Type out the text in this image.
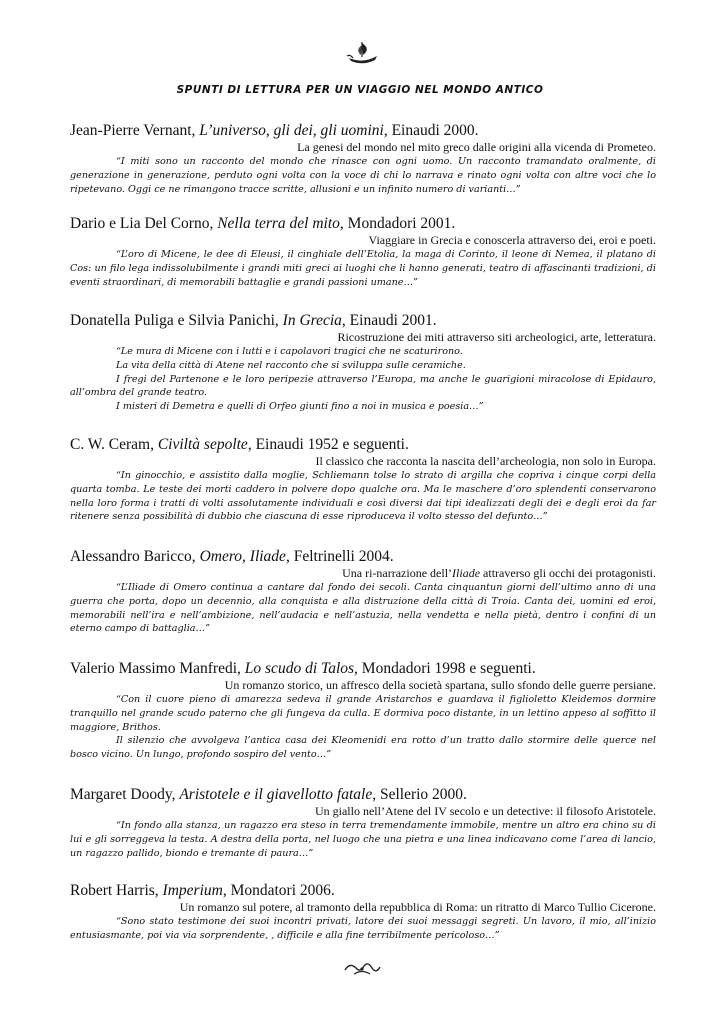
SPUNTI DI LETTURA PER UN VIAGGIO NEL MONDO ANTICO
Jean-Pierre Vernant, L’universo, gli dei, gli uomini, Einaudi 2000.
La genesi del mondo nel mito greco dalle origini alla vicenda di Prometeo.

“I miti sono un racconto del mondo che rinasce con ogni uomo. Un racconto tramandato oralmente, di generazione in generazione, perduto ogni volta con la voce di chi lo narrava e rinato ogni volta con altre voci che lo ripetevano. Oggi ce ne rimangono tracce scritte, allusioni e un infinito numero di varianti…”

Dario e Lia Del Corno, Nella terra del mito, Mondadori 2001.
Viaggiare in Grecia e conoscerla attraverso dei, eroi e poeti.

“L’oro di Micene, le dee di Eleusi, il cinghiale dell’Etolia, la maga di Corinto, il leone di Nemea, il platano di Cos: un filo lega indissolubilmente i grandi miti greci ai luoghi che li hanno generati, teatro di affascinanti tradizioni, di eventi straordinari, di memorabili battaglie e grandi passioni umane…”

Donatella Puliga e Silvia Panichi, In Grecia, Einaudi 2001.
Ricostruzione dei miti attraverso siti archeologici, arte, letteratura.

“Le mura di Micene con i lutti e i capolavori tragici che ne scaturirono.

La vita della città di Atene nel racconto che si sviluppa sulle ceramiche.

I fregi del Partenone e le loro peripezie attraverso l’Europa, ma anche le guarigioni miracolose di Epidauro, all’ombra del grande teatro.

I misteri di Demetra e quelli di Orfeo giunti fino a noi in musica e poesia…”

C. W. Ceram, Civiltà sepolte, Einaudi 1952 e seguenti.
Il classico che racconta la nascita dell’archeologia, non solo in Europa.

“In ginocchio, e assistito dalla moglie, Schliemann tolse lo strato di argilla che copriva i cinque corpi della quarta tomba. Le teste dei morti caddero in polvere dopo qualche ora. Ma le maschere d’oro splendenti conservarono nella loro forma i tratti di volti assolutamente individuali e così diversi dai tipi idealizzati degli dei e degli eroi da far ritenere senza possibilità di dubbio che ciascuna di esse riproduceva il volto stesso del defunto…”

Alessandro Baricco, Omero, Iliade, Feltrinelli 2004.
Una ri-narrazione dell’Iliade attraverso gli occhi dei protagonisti.

“L’Iliade di Omero continua a cantare dal fondo dei secoli. Canta cinquantun giorni dell’ultimo anno di una guerra che porta, dopo un decennio, alla conquista e alla distruzione della città di Troia. Canta dei, uomini ed eroi, memorabili nell’ira e nell’ambizione, nell’audacia e nell’astuzia, nella vendetta e nella pietà, dentro i confini di un eterno campo di battaglia…”

Valerio Massimo Manfredi, Lo scudo di Talos, Mondadori 1998 e seguenti.
Un romanzo storico, un affresco della società spartana, sullo sfondo delle guerre persiane.

“Con il cuore pieno di amarezza sedeva il grande Aristarchos e guardava il figlioletto Kleidemos dormire tranquillo nel grande scudo paterno che gli fungeva da culla. E dormiva poco distante, in un lettino appeso al soffitto il maggiore, Brithos.

Il silenzio che avvolgeva l’antica casa dei Kleomenidi era rotto d’un tratto dallo stormire delle querce nel bosco vicino. Un lungo, profondo sospiro del vento…”

Margaret Doody, Aristotele e il giavellotto fatale, Sellerio 2000.
Un giallo nell’Atene del IV secolo e un detective: il filosofo Aristotele.

“In fondo alla stanza, un ragazzo era steso in terra tremendamente immobile, mentre un altro era chino su di lui e gli sorreggeva la testa. A destra della porta, nel luogo che una pietra e una linea indicavano come l’area di lancio, un ragazzo pallido, biondo e tremante di paura…”

Robert Harris, Imperium, Mondatori 2006.
Un romanzo sul potere, al tramonto della repubblica di Roma: un ritratto di Marco Tullio Cicerone.

“Sono stato testimone dei suoi incontri privati, latore dei suoi messaggi segreti. Un lavoro, il mio, all’inizio entusiasmante, poi via via sorprendente, , difficile e alla fine terribilmente pericoloso…”
